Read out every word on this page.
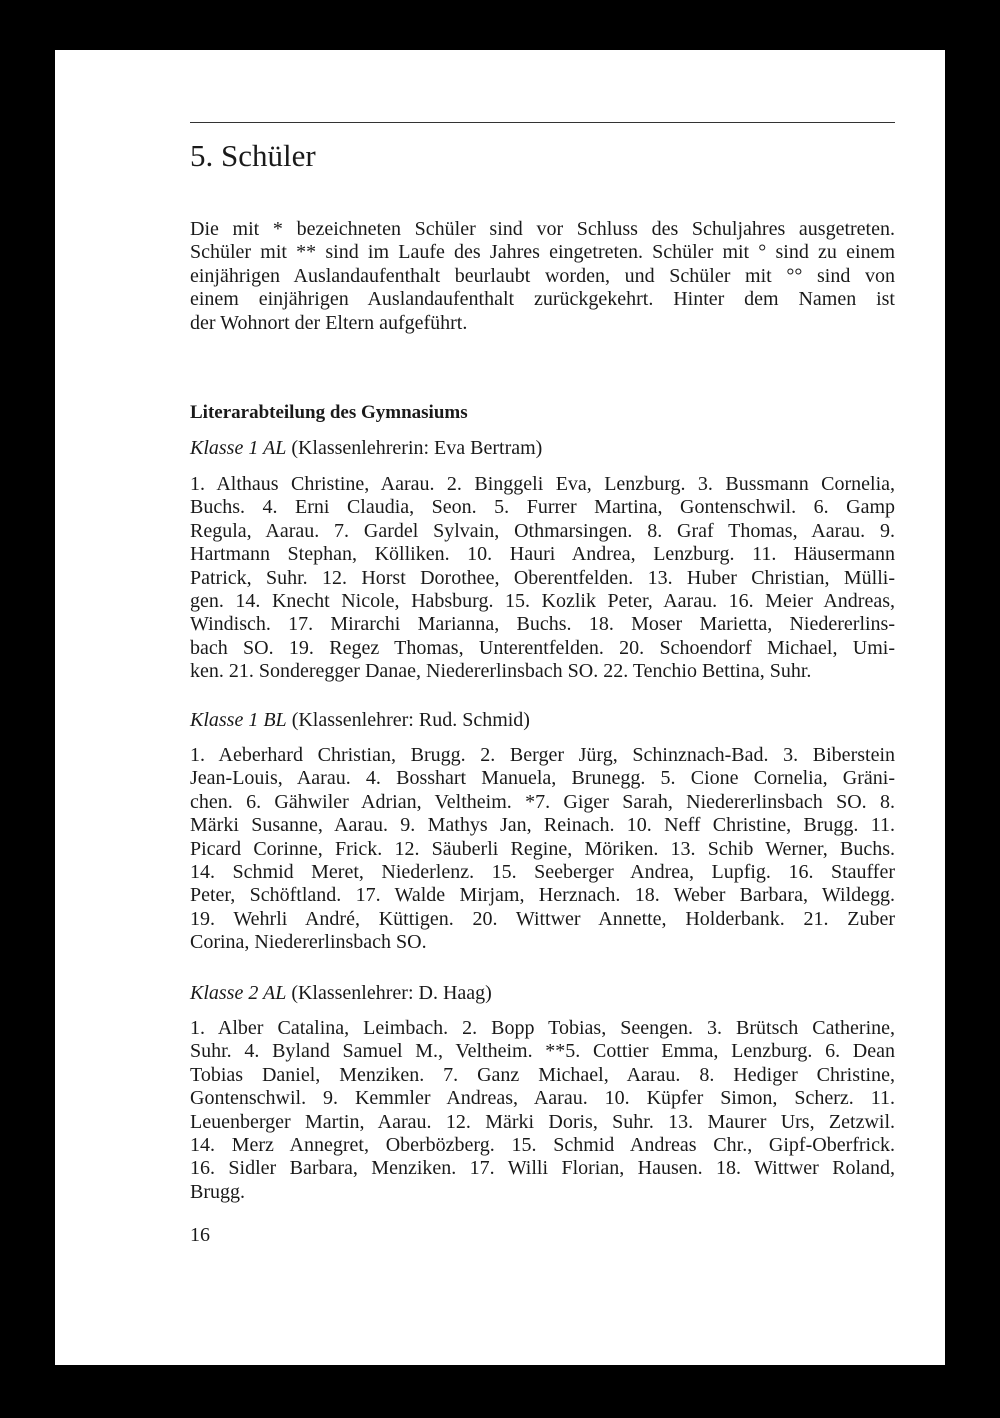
5. Schüler
Die mit * bezeichneten Schüler sind vor Schluss des Schuljahres ausgetreten.
Schüler mit ** sind im Laufe des Jahres eingetreten. Schüler mit ° sind zu einem
einjährigen Auslandaufenthalt beurlaubt worden, und Schüler mit °° sind von
einem einjährigen Auslandaufenthalt zurückgekehrt. Hinter dem Namen ist
der Wohnort der Eltern aufgeführt.
Literarabteilung des Gymnasiums
Klasse 1 AL (Klassenlehrerin: Eva Bertram)
1. Althaus Christine, Aarau. 2. Binggeli Eva, Lenzburg. 3. Bussmann Cornelia,
Buchs. 4. Erni Claudia, Seon. 5. Furrer Martina, Gontenschwil. 6. Gamp
Regula, Aarau. 7. Gardel Sylvain, Othmarsingen. 8. Graf Thomas, Aarau. 9.
Hartmann Stephan, Kölliken. 10. Hauri Andrea, Lenzburg. 11. Häusermann
Patrick, Suhr. 12. Horst Dorothee, Oberentfelden. 13. Huber Christian, Mülli-
gen. 14. Knecht Nicole, Habsburg. 15. Kozlik Peter, Aarau. 16. Meier Andreas,
Windisch. 17. Mirarchi Marianna, Buchs. 18. Moser Marietta, Niedererlins-
bach SO. 19. Regez Thomas, Unterentfelden. 20. Schoendorf Michael, Umi-
ken. 21. Sonderegger Danae, Niedererlinsbach SO. 22. Tenchio Bettina, Suhr.
Klasse 1 BL (Klassenlehrer: Rud. Schmid)
1. Aeberhard Christian, Brugg. 2. Berger Jürg, Schinznach-Bad. 3. Biberstein
Jean-Louis, Aarau. 4. Bosshart Manuela, Brunegg. 5. Cione Cornelia, Gräni-
chen. 6. Gähwiler Adrian, Veltheim. *7. Giger Sarah, Niedererlinsbach SO. 8.
Märki Susanne, Aarau. 9. Mathys Jan, Reinach. 10. Neff Christine, Brugg. 11.
Picard Corinne, Frick. 12. Säuberli Regine, Möriken. 13. Schib Werner, Buchs.
14. Schmid Meret, Niederlenz. 15. Seeberger Andrea, Lupfig. 16. Stauffer
Peter, Schöftland. 17. Walde Mirjam, Herznach. 18. Weber Barbara, Wildegg.
19. Wehrli André, Küttigen. 20. Wittwer Annette, Holderbank. 21. Zuber
Corina, Niedererlinsbach SO.
Klasse 2 AL (Klassenlehrer: D. Haag)
1. Alber Catalina, Leimbach. 2. Bopp Tobias, Seengen. 3. Brütsch Catherine,
Suhr. 4. Byland Samuel M., Veltheim. **5. Cottier Emma, Lenzburg. 6. Dean
Tobias Daniel, Menziken. 7. Ganz Michael, Aarau. 8. Hediger Christine,
Gontenschwil. 9. Kemmler Andreas, Aarau. 10. Küpfer Simon, Scherz. 11.
Leuenberger Martin, Aarau. 12. Märki Doris, Suhr. 13. Maurer Urs, Zetzwil.
14. Merz Annegret, Oberbözberg. 15. Schmid Andreas Chr., Gipf-Oberfrick.
16. Sidler Barbara, Menziken. 17. Willi Florian, Hausen. 18. Wittwer Roland,
Brugg.
16
